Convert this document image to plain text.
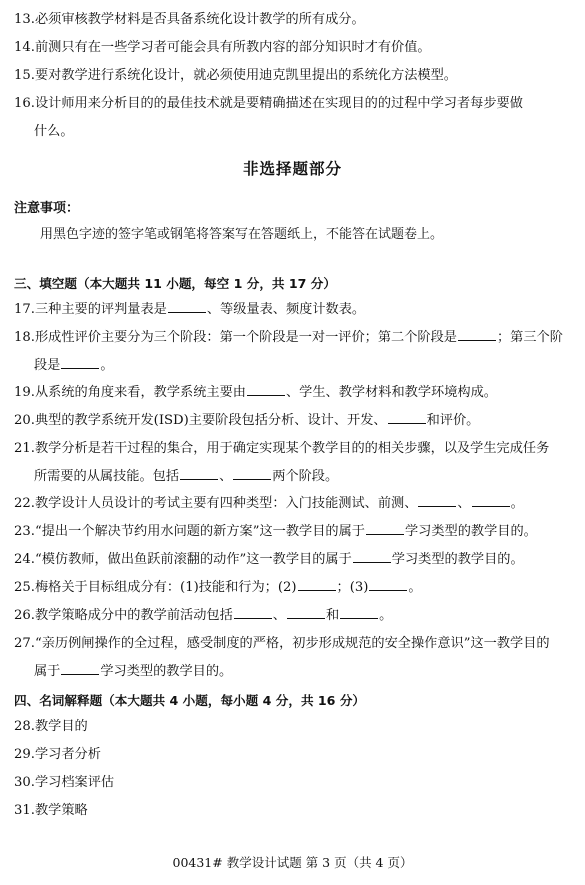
13.必须审核教学材料是否具备系统化设计教学的所有成分。
14.前测只有在一些学习者可能会具有所教内容的部分知识时才有价值。
15.要对教学进行系统化设计，就必须使用迪克凯里提出的系统化方法模型。
16.设计师用来分析目的的最佳技术就是要精确描述在实现目的的过程中学习者每步要做
什么。
非选择题部分
注意事项：
用黑色字迹的签字笔或钢笔将答案写在答题纸上，不能答在试题卷上。
三、填空题（本大题共 11 小题，每空 1 分，共 17 分）
17.三种主要的评判量表是	、等级量表、频度计数表。
18.形成性评价主要分为三个阶段：第一个阶段是一对一评价；第二个阶段是	；第三个阶
段是	。
19.从系统的角度来看，教学系统主要由	、学生、教学材料和教学环境构成。
20.典型的教学系统开发(ISD)主要阶段包括分析、设计、开发、	和评价。
21.教学分析是若干过程的集合，用于确定实现某个教学目的的相关步骤，以及学生完成任务
所需要的从属技能。包括	、	两个阶段。
22.教学设计人员设计的考试主要有四种类型：入门技能测试、前测、	、	。
23.“提出一个解决节约用水问题的新方案”这一教学目的属于	学习类型的教学目的。
24.“模仿教师，做出鱼跃前滚翻的动作”这一教学目的属于	学习类型的教学目的。
25.梅格关于目标组成分有：(1)技能和行为；(2)	；(3)	。
26.教学策略成分中的教学前活动包括	、	和	。
27.“亲历例闸操作的全过程，感受制度的严格，初步形成规范的安全操作意识”这一教学目的
属于	学习类型的教学目的。
四、名词解释题（本大题共 4 小题，每小题 4 分，共 16 分）
28.教学目的
29.学习者分析
30.学习档案评估
31.教学策略
00431# 教学设计试题 第 3 页（共 4 页）
